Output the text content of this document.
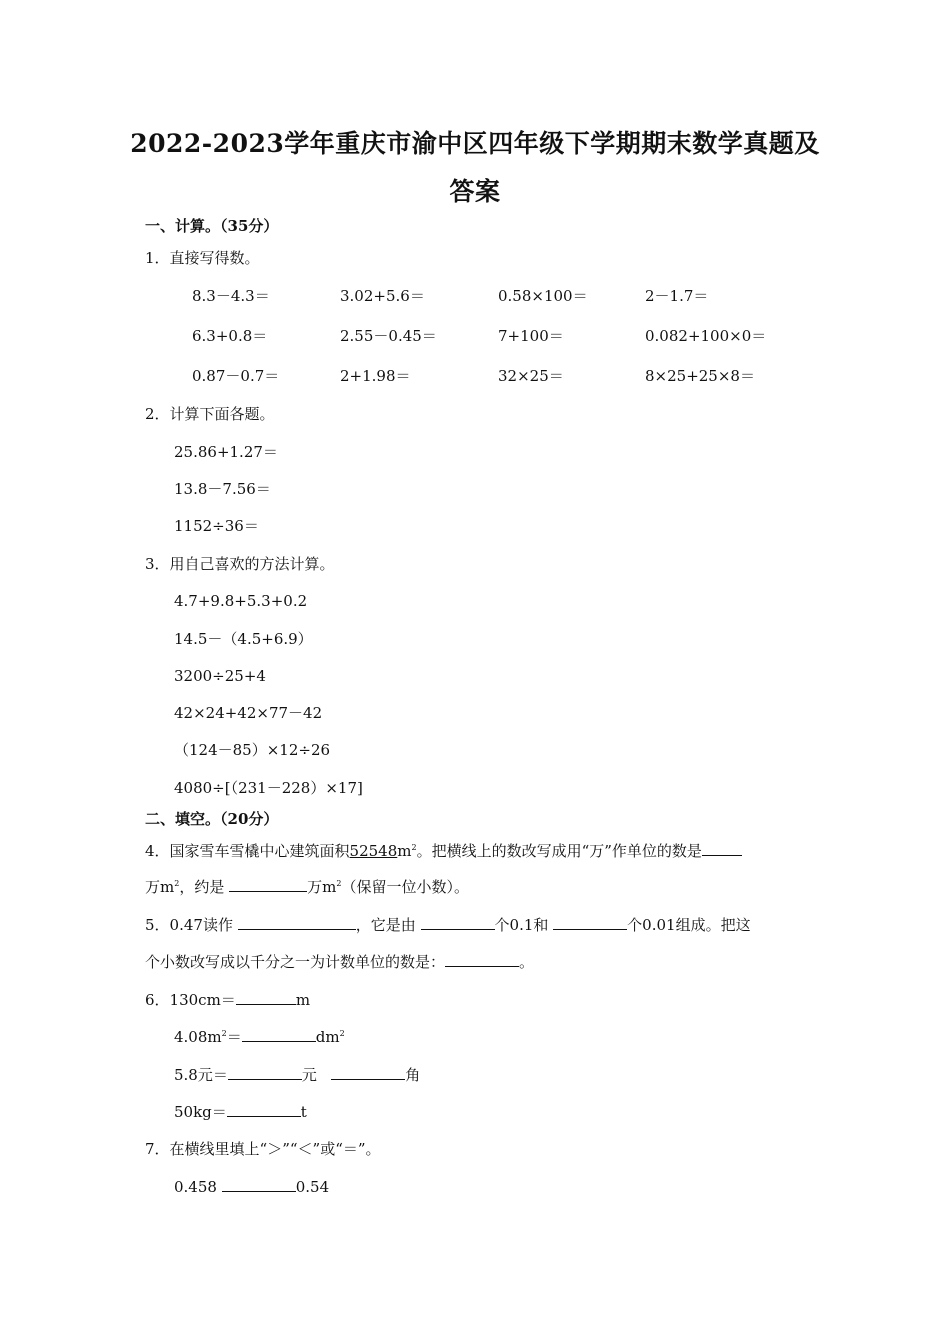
2022-2023学年重庆市渝中区四年级下学期期末数学真题及
答案
一、计算。（35分）
1．直接写得数。
8.3－4.3＝	3.02+5.6＝	0.58×100＝	2－1.7＝
6.3+0.8＝	2.55－0.45＝	7+100＝	0.082+100×0＝
0.87－0.7＝	2+1.98＝	32×25＝	8×25+25×8＝
2．计算下面各题。
25.86+1.27＝
13.8－7.56＝
1152÷36＝
3．用自己喜欢的方法计算。
4.7+9.8+5.3+0.2
14.5－（4.5+6.9）
3200÷25+4
42×24+42×77－42
（124－85）×12÷26
4080÷[（231－228）×17]
二、填空。（20分）
4．国家雪车雪橇中心建筑面积$52548m^2$。把横线上的数改写成用“万”作单位的数是
万$m^2$，约是	万$m^2$（保留一位小数）。
5．0.47读作	，它是由	个0.1和	个0.01组成。把这
个小数改写成以千分之一为计数单位的数是：	。
6．130cm＝	m
$4.08m^2=$	$dm^2$
5.8元＝	元	角
50kg＝	t
7．在横线里填上“＞”“＜”或“＝”。
0.458	0.54
